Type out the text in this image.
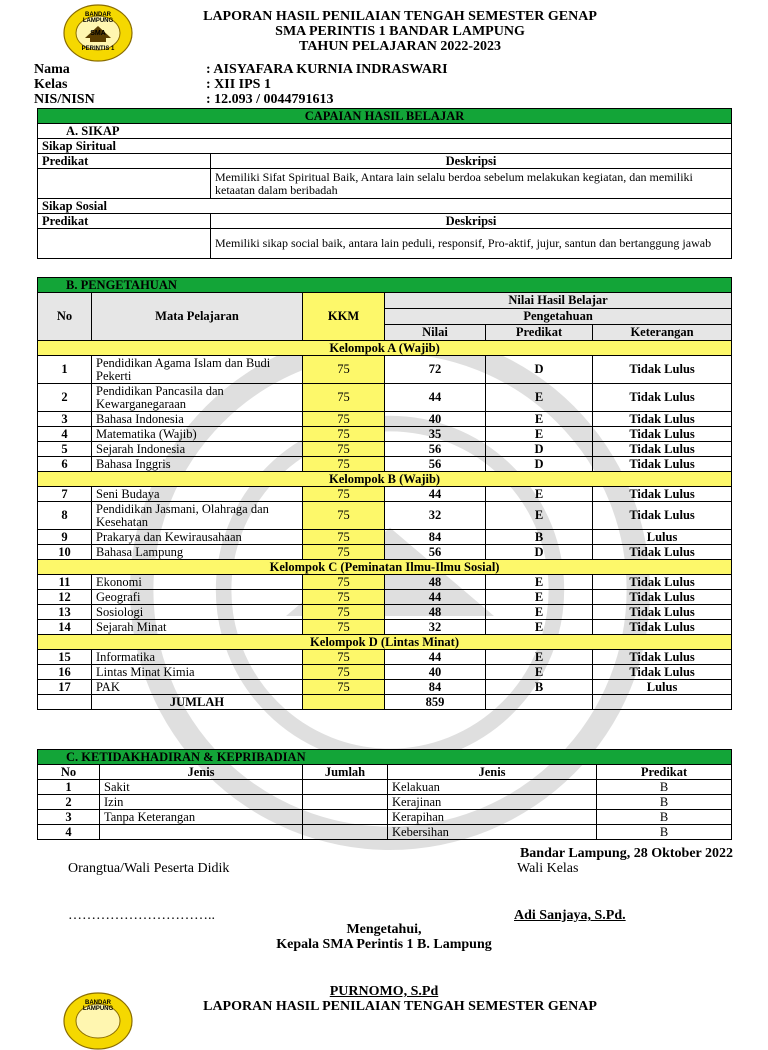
BANDAR LAMPUNG
SMA
PERINTIS 1
LAPORAN HASIL PENILAIAN TENGAH SEMESTER GENAP
SMA PERINTIS 1 BANDAR LAMPUNG
TAHUN PELAJARAN 2022-2023
Nama	: AISYAFARA KURNIA INDRASWARI
Kelas	: XII IPS 1
NIS/NISN	: 12.093 / 0044791613
CAPAIAN HASIL BELAJAR	
A. SIKAP	
Sikap Siritual	
Predikat	Deskripsi
	Memiliki Sifat Spiritual Baik, Antara lain selalu berdoa sebelum melakukan kegiatan, dan memiliki ketaatan dalam beribadah
Sikap Sosial	
Predikat	Deskripsi
	Memiliki sikap social baik, antara lain peduli, responsif, Pro-aktif, jujur, santun dan bertanggung jawab
B. PENGETAHUAN					
No	Mata Pelajaran	KKM	Nilai Hasil Belajar		
			Pengetahuan		
			Nilai	Predikat	Keterangan
Kelompok A (Wajib)					
1	Pendidikan Agama Islam dan Budi Pekerti	75	72	D	Tidak Lulus
2	Pendidikan Pancasila dan Kewarganegaraan	75	44	E	Tidak Lulus
3	Bahasa Indonesia	75	40	E	Tidak Lulus
4	Matematika (Wajib)	75	35	E	Tidak Lulus
5	Sejarah Indonesia	75	56	D	Tidak Lulus
6	Bahasa Inggris	75	56	D	Tidak Lulus
Kelompok B (Wajib)					
7	Seni Budaya	75	44	E	Tidak Lulus
8	Pendidikan Jasmani, Olahraga dan Kesehatan	75	32	E	Tidak Lulus
9	Prakarya dan Kewirausahaan	75	84	B	Lulus
10	Bahasa Lampung	75	56	D	Tidak Lulus
Kelompok C (Peminatan Ilmu-Ilmu Sosial)					
11	Ekonomi	75	48	E	Tidak Lulus
12	Geografi	75	44	E	Tidak Lulus
13	Sosiologi	75	48	E	Tidak Lulus
14	Sejarah Minat	75	32	E	Tidak Lulus
Kelompok D (Lintas Minat)					
15	Informatika	75	44	E	Tidak Lulus
16	Lintas Minat Kimia	75	40	E	Tidak Lulus
17	PAK	75	84	B	Lulus
	JUMLAH		859		
C. KETIDAKHADIRAN & KEPRIBADIAN				
No	Jenis	Jumlah	Jenis	Predikat
1	Sakit		Kelakuan	B
2	Izin		Kerajinan	B
3	Tanpa Keterangan		Kerapihan	B
4			Kebersihan	B
Bandar Lampung, 28 Oktober 2022
Orangtua/Wali Peserta Didik	Wali Kelas
…………………………..	Adi Sanjaya, S.Pd.
Mengetahui,
Kepala SMA Perintis 1 B. Lampung
PURNOMO, S.Pd
BANDAR LAMPUNG	LAPORAN HASIL PENILAIAN TENGAH SEMESTER GENAP
